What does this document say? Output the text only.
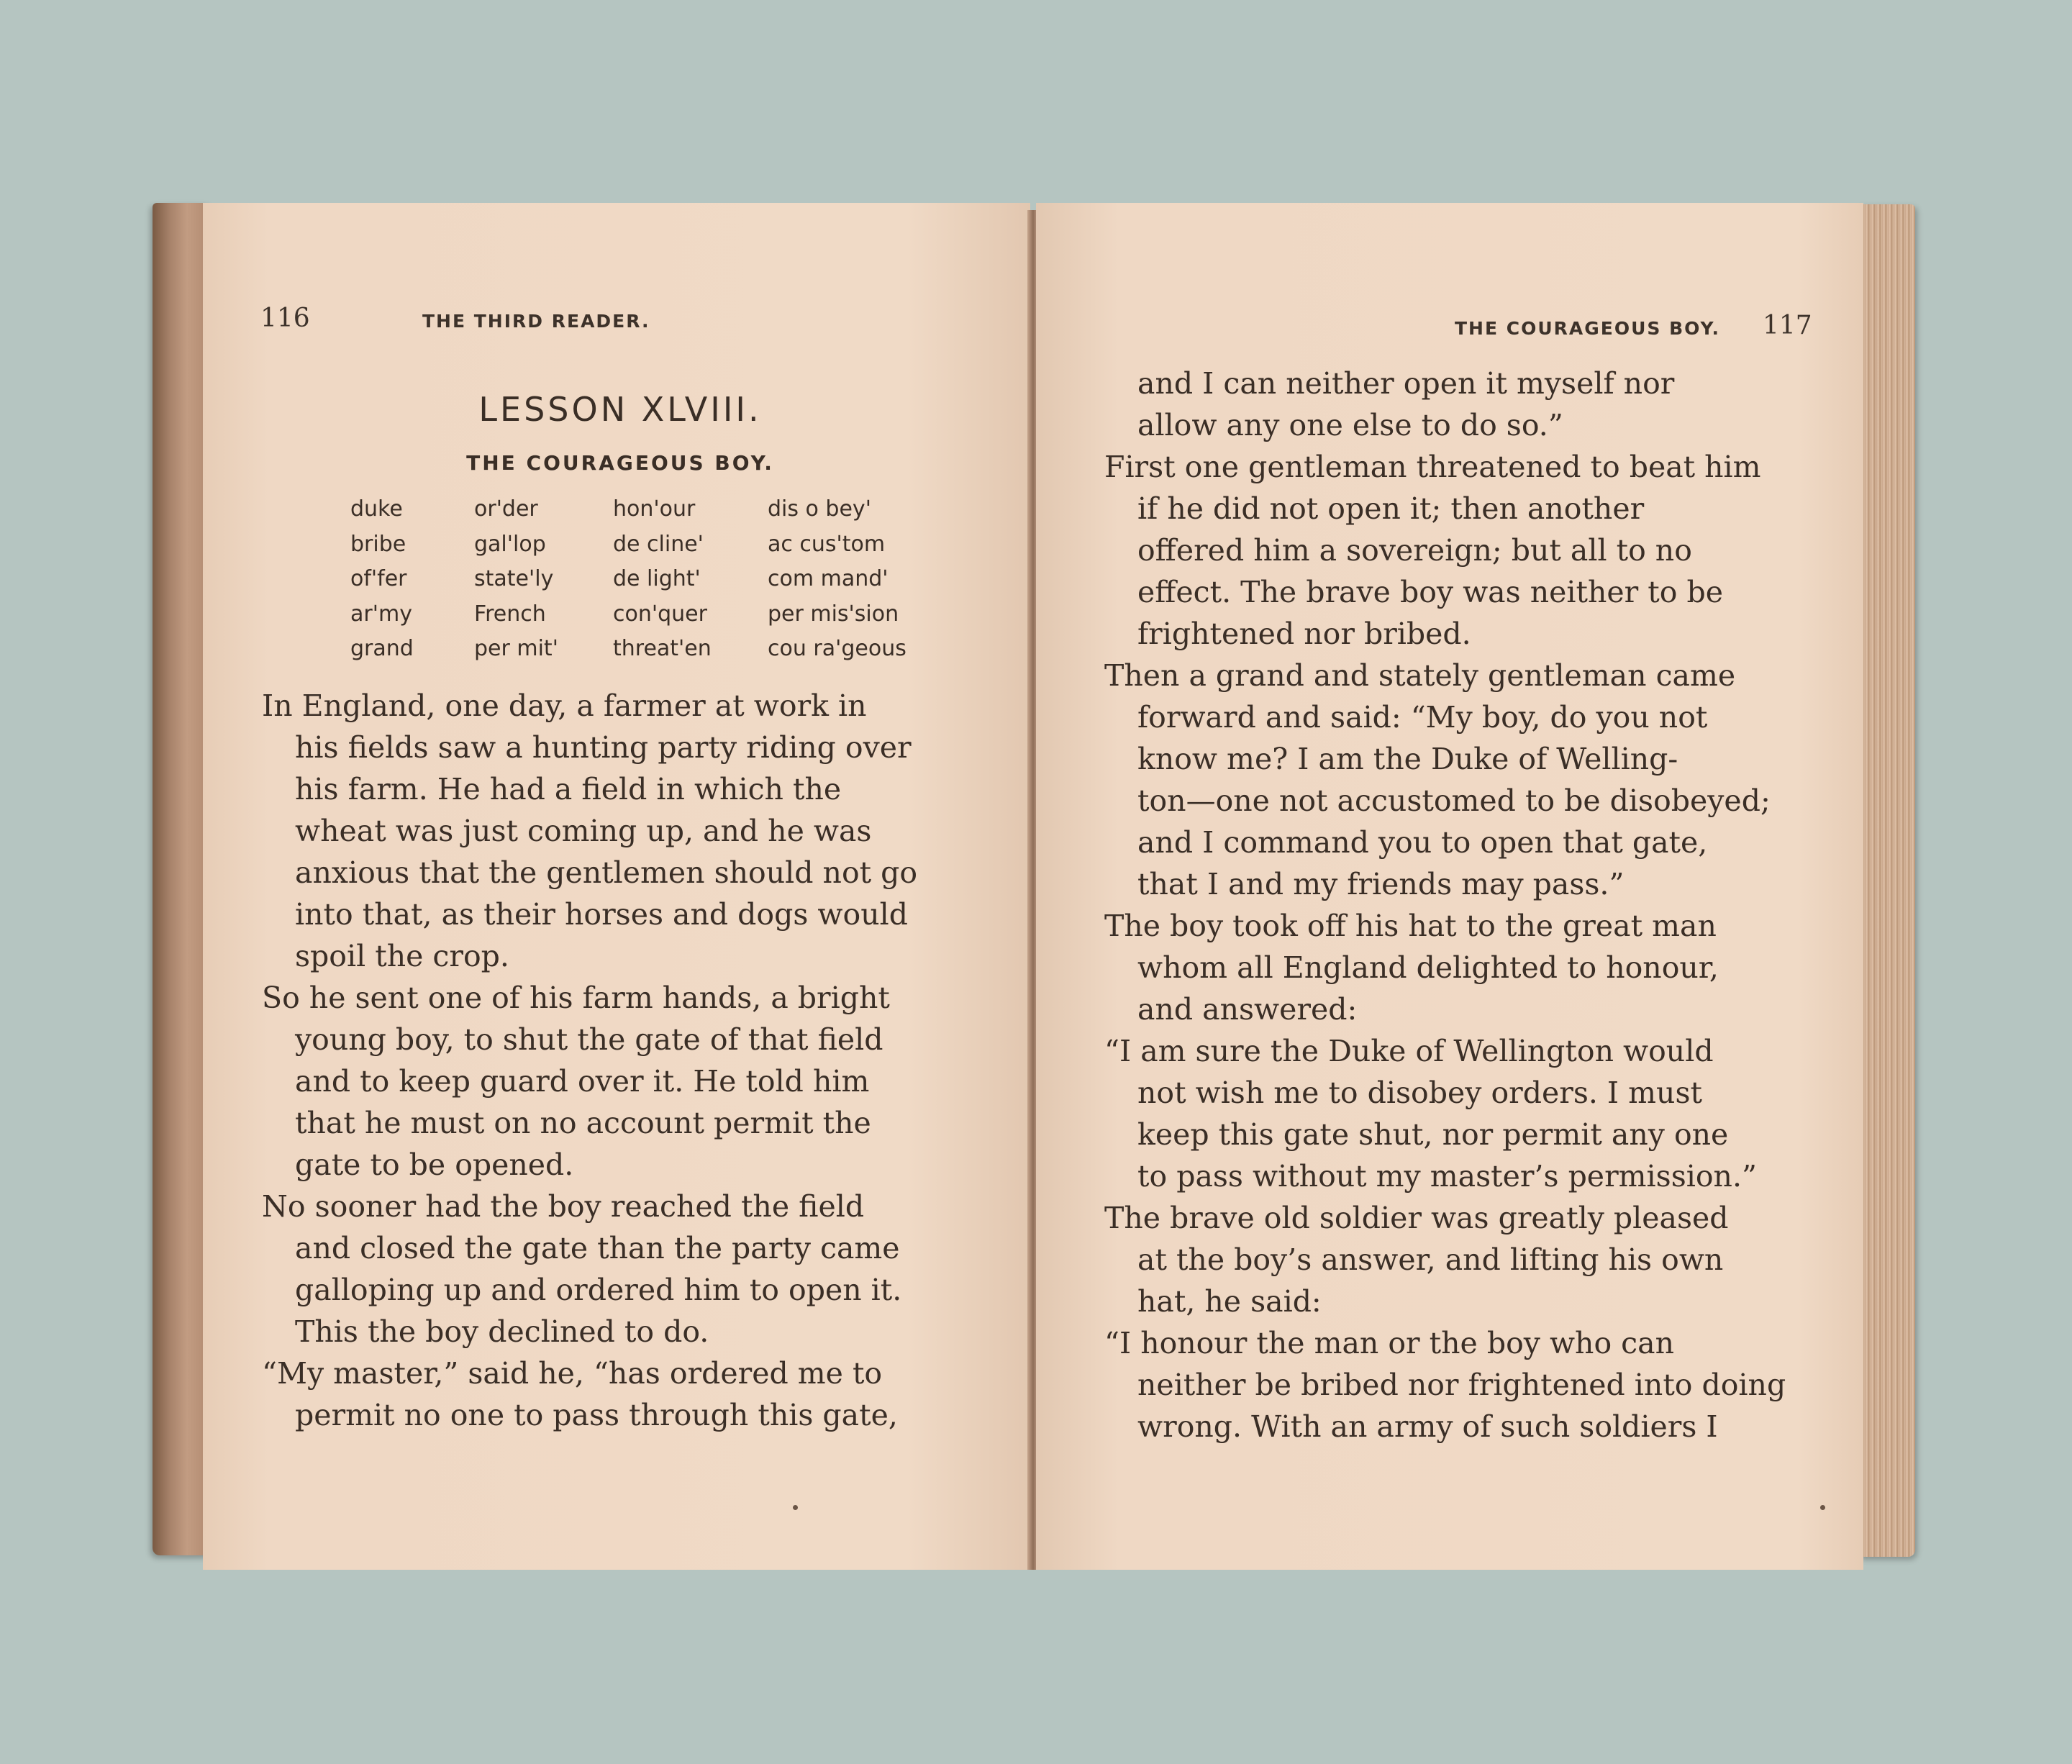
116	THE THIRD READER.
LESSON XLVIII.
THE COURAGEOUS BOY.
duke	or'der	hon'our	dis o bey'
bribe	gal'lop	de cline'	ac cus'tom
of'fer	state'ly	de light'	com mand'
ar'my	French	con'quer	per mis'sion
grand	per mit'	threat'en	cou ra'geous
In England, one day, a farmer at work in
his fields saw a hunting party riding over
his farm. He had a field in which the
wheat was just coming up, and he was
anxious that the gentlemen should not go
into that, as their horses and dogs would
spoil the crop.
So he sent one of his farm hands, a bright
young boy, to shut the gate of that field
and to keep guard over it. He told him
that he must on no account permit the
gate to be opened.
No sooner had the boy reached the field
and closed the gate than the party came
galloping up and ordered him to open it.
This the boy declined to do.
“My master,” said he, “has ordered me to
permit no one to pass through this gate,
THE COURAGEOUS BOY. 117
and I can neither open it myself nor
allow any one else to do so.”
First one gentleman threatened to beat him
if he did not open it; then another
offered him a sovereign; but all to no
effect. The brave boy was neither to be
frightened nor bribed.
Then a grand and stately gentleman came
forward and said: “My boy, do you not
know me? I am the Duke of Welling-
ton—one not accustomed to be disobeyed;
and I command you to open that gate,
that I and my friends may pass.”
The boy took off his hat to the great man
whom all England delighted to honour,
and answered:
“I am sure the Duke of Wellington would
not wish me to disobey orders. I must
keep this gate shut, nor permit any one
to pass without my master’s permission.”
The brave old soldier was greatly pleased
at the boy’s answer, and lifting his own
hat, he said:
“I honour the man or the boy who can
neither be bribed nor frightened into doing
wrong. With an army of such soldiers I
